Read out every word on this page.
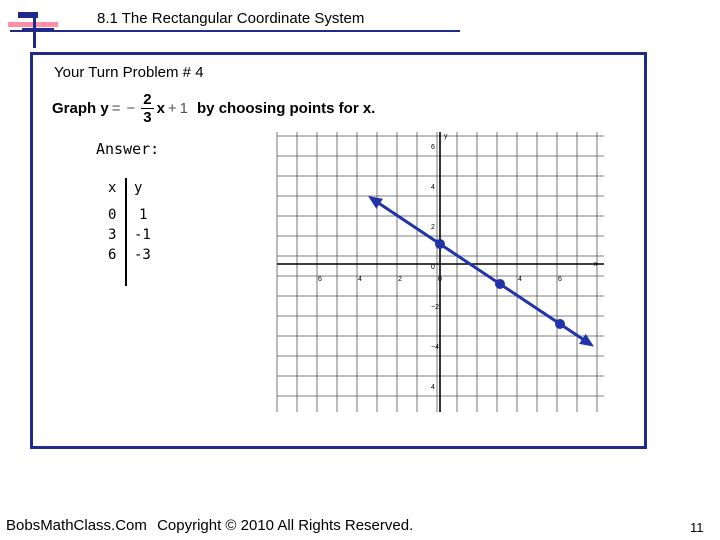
8.1 The Rectangular Coordinate System
Your Turn Problem # 4
Graph y = − $\frac{2}{3}$ x + 1 by choosing points for x.
Answer:
x y
0 1
3 -1
6 -3
x
y
6	4	2	0	4	6
6
4
2
0
−2
−4
4
BobsMathClass.Com Copyright © 2010 All Rights Reserved.	11
